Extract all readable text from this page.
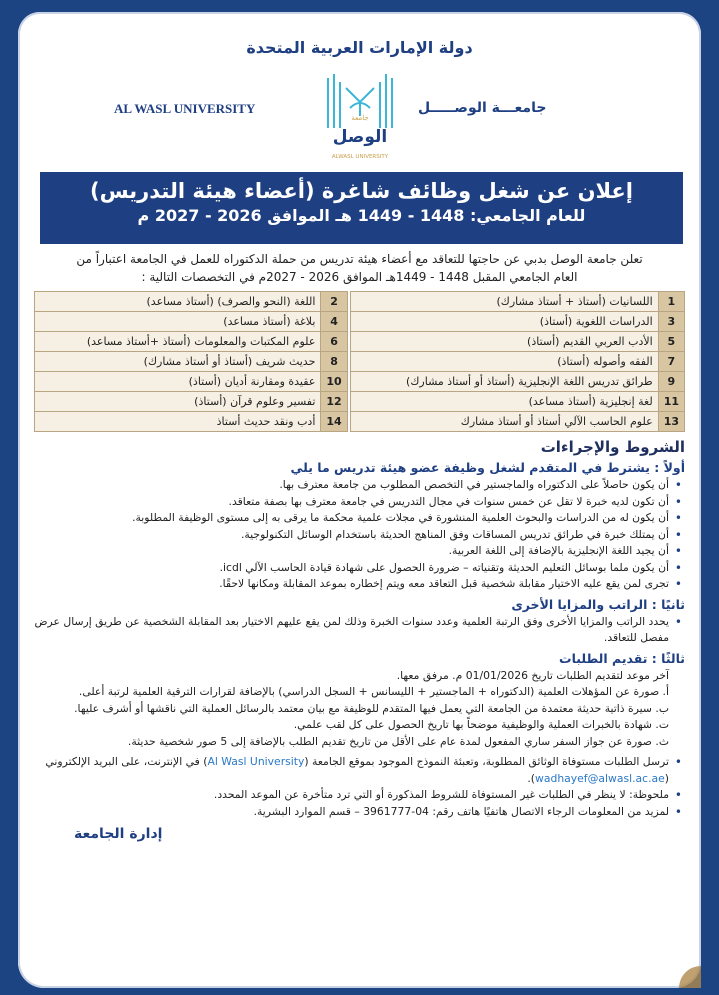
دولة الإمارات العربية المتحدة
AL WASL UNIVERSITY
جامعة
الوصل
ALWASL UNIVERSITY
جامعـــة الوصـــــل
إعلان عن شغل وظائف شاغرة (أعضاء هيئة التدريس)
للعام الجامعي: 1448 - 1449 هـ الموافق 2026 - 2027 م
تعلن جامعة الوصل بدبي عن حاجتها للتعاقد مع أعضاء هيئة تدريس من حملة الدكتوراه للعمل في الجامعة اعتباراً من
العام الجامعي المقبل 1448 - 1449هـ الموافق 2026 - 2027م في التخصصات التالية :
1	اللسانيات (أستاذ + أستاذ مشارك)		2	اللغة (النحو والصرف) (أستاذ مساعد)
3	الدراسات اللغوية (أستاذ)		4	بلاغة (أستاذ مساعد)
5	الأدب العربي القديم (أستاذ)		6	علوم المكتبات والمعلومات (أستاذ +أستاذ مساعد)
7	الفقه وأصوله (أستاذ)		8	حديث شريف (أستاذ أو أستاذ مشارك)
9	طرائق تدريس اللغة الإنجليزية (أستاذ أو أستاذ مشارك)		10	عقيدة ومقارنة أديان (أستاذ)
11	لغة إنجليزية (أستاذ مساعد)		12	تفسير وعلوم قرآن (أستاذ)
13	علوم الحاسب الآلي أستاذ أو أستاذ مشارك		14	أدب ونقد حديث أستاذ
الشروط والإجراءات
أولاً : يشترط في المتقدم لشغل وظيفة عضو هيئة تدريس ما يلي
• أن يكون حاصلاً على الدكتوراه والماجستير في التخصص المطلوب من جامعة معترف بها.
• أن تكون لديه خبرة لا تقل عن خمس سنوات في مجال التدريس في جامعة معترف بها بصفة متعاقد.
• أن يكون له من الدراسات والبحوث العلمية المنشورة في مجلات علمية محكمة ما يرقى به إلى مستوى الوظيفة المطلوبة.
• أن يمتلك خبرة في طرائق تدريس المساقات وفق المناهج الحديثة باستخدام الوسائل التكنولوجية.
• أن يجيد اللغة الإنجليزية بالإضافة إلى اللغة العربية.
• أن يكون ملما بوسائل التعليم الحديثة وتقنياته – ضرورة الحصول على شهادة قيادة الحاسب الآلي icdl.
• تجرى لمن يقع عليه الاختيار مقابلة شخصية قبل التعاقد معه ويتم إخطاره بموعد المقابلة ومكانها لاحقًا.
ثانيًا : الراتب والمزايا الأخرى
• يحدد الراتب والمزايا الأخرى وفق الرتبة العلمية وعدد سنوات الخبرة وذلك لمن يقع عليهم الاختيار بعد المقابلة الشخصية عن طريق إرسال عرض مفصل للتعاقد.
ثالثًا : تقديم الطلبات
آخر موعد لتقديم الطلبات تاريخ 01/01/2026 م. مرفق معها.
أ. صورة عن المؤهلات العلمية (الدكتوراه + الماجستير + الليسانس + السجل الدراسي) بالإضافة لقرارات الترقية العلمية لرتبة أعلى.
ب. سيرة ذاتية حديثة معتمدة من الجامعة التي يعمل فيها المتقدم للوظيفة مع بيان معتمد بالرسائل العملية التي ناقشها أو أشرف عليها.
ت. شهادة بالخبرات العملية والوظيفية موضحاً بها تاريخ الحصول على كل لقب علمي.
ث. صورة عن جواز السفر ساري المفعول لمدة عام على الأقل من تاريخ تقديم الطلب بالإضافة إلى 5 صور شخصية حديثة.
• ترسل الطلبات مستوفاة الوثائق المطلوبة، وتعبئة النموذج الموجود بموقع الجامعة (Al Wasl University) في الإنترنت، على البريد الإلكتروني (wadhayef@alwasl.ac.ae).
• ملحوظة: لا ينظر في الطلبات غير المستوفاة للشروط المذكورة أو التي ترد متأخرة عن الموعد المحدد.
• لمزيد من المعلومات الرجاء الاتصال هاتفيًا هاتف رقم: 04-3961777 – قسم الموارد البشرية.
إدارة الجامعة
